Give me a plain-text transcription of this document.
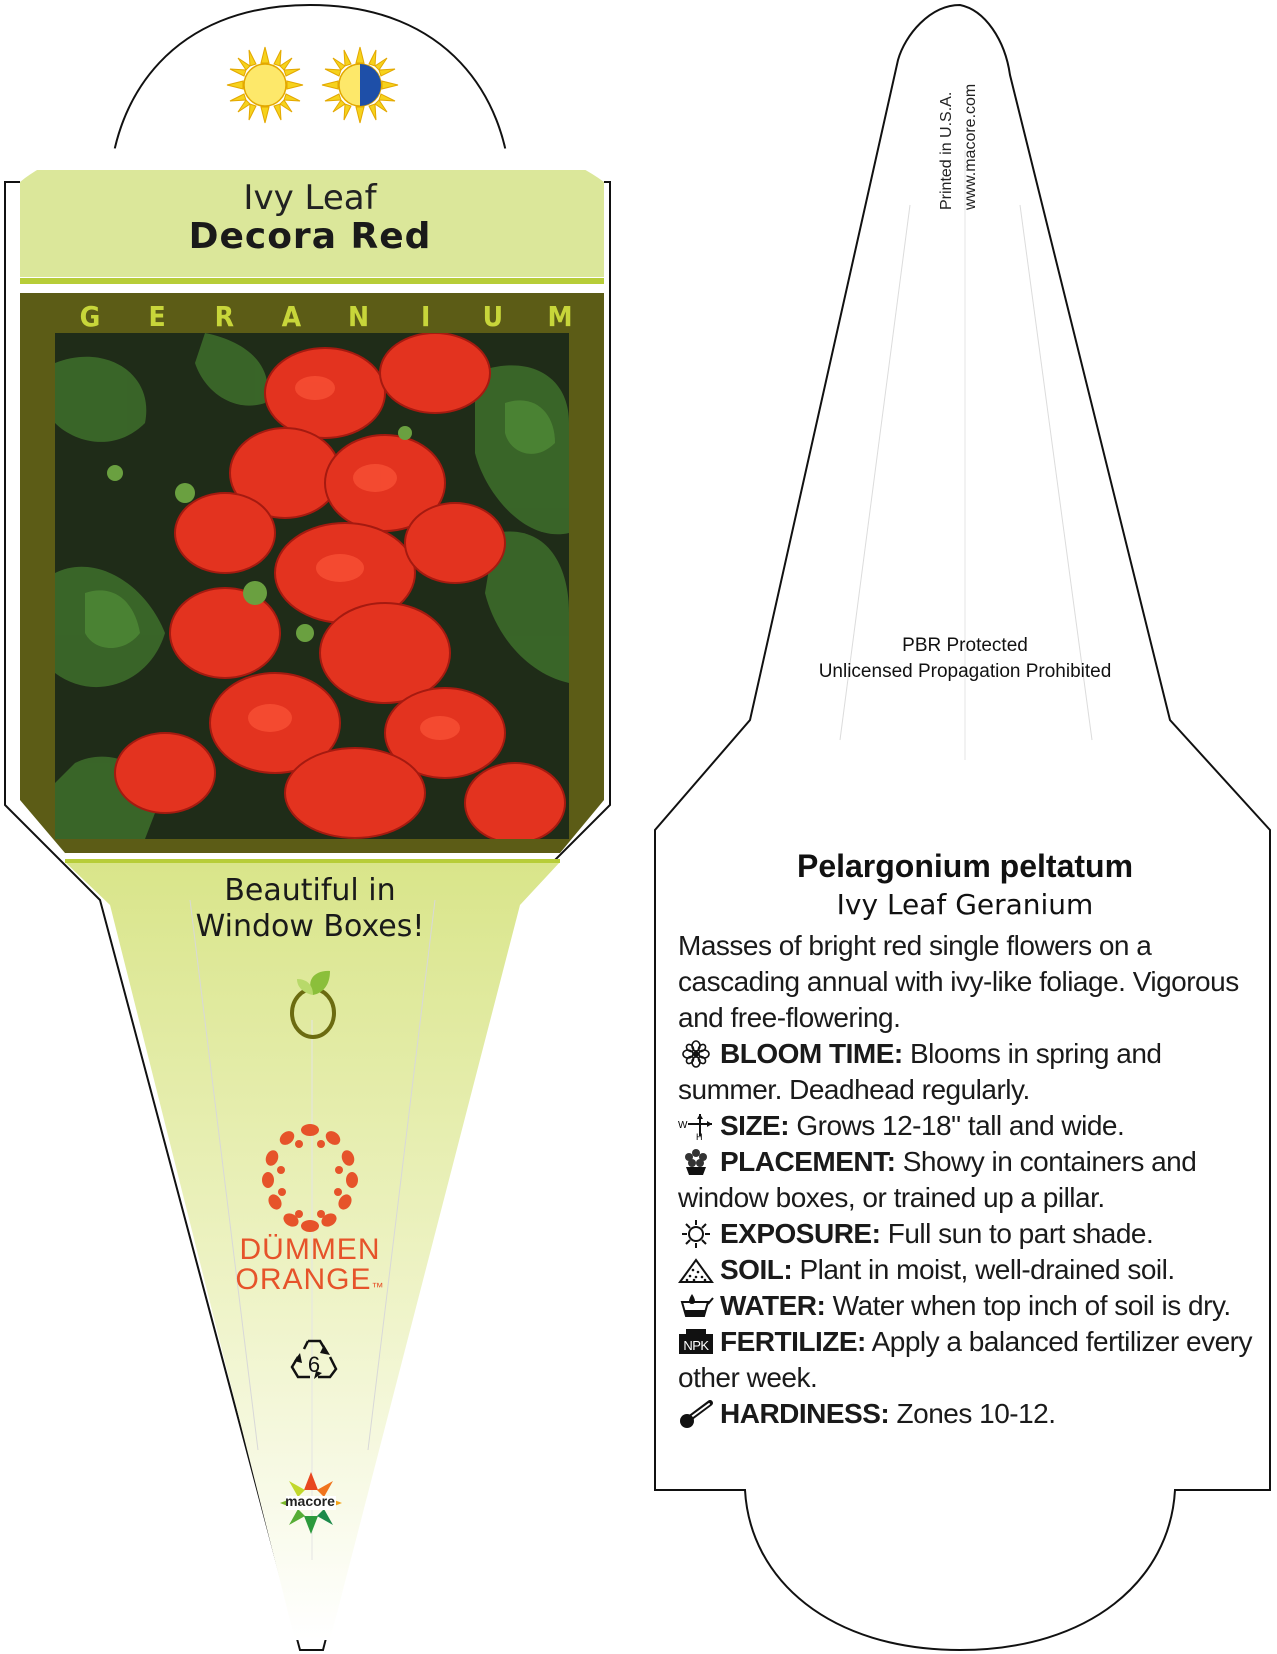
Ivy Leaf
Decora Red
G	E	R	A	N	I	U	M
Beautiful in
Window Boxes!
DÜMMEN
ORANGE™
6
macore
Printed in U.S.A. www.macore.com
PBR Protected
Unlicensed Propagation Prohibited
Pelargonium peltatum
Ivy Leaf Geranium

Masses of bright red single flowers on a cascading annual with ivy-like foliage. Vigorous and free-flowering.

BLOOM TIME: Blooms in spring and summer. Deadhead regularly.

W
H SIZE: Grows 12-18" tall and wide.

PLACEMENT: Showy in containers and window boxes, or trained up a pillar.

EXPOSURE: Full sun to part shade.

SOIL: Plant in moist, well-drained soil.

WATER: Water when top inch of soil is dry.

NPK FERTILIZE: Apply a balanced fertilizer every other week.

HARDINESS: Zones 10-12.
